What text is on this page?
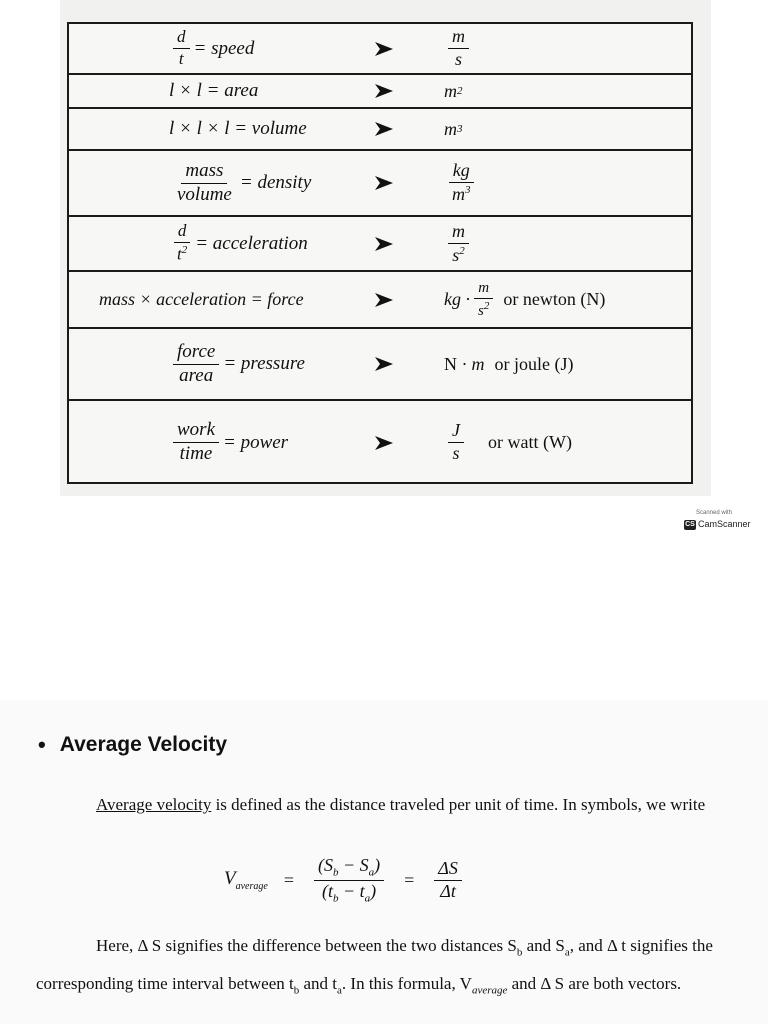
$\frac{d}{t}$ = speed	$\frac{m}{s}$
l × l = area	m 2
l × l × l = volume	m 3
$\frac{\text{mass}}{\text{volume}}$ = density	$\frac{kg}{m^3}$
$\frac{d}{t^2}$ = acceleration	$\frac{m}{s^2}$
mass × acceleration = force	kg · $\frac{m}{s^2}$ or newton (N)
$\frac{\text{force}}{\text{area}}$ = pressure	N · m or joule (J)
$\frac{\text{work}}{\text{time}}$ = power	$\frac{J}{s}$ or watt (W)
Scanned with
CS CamScanner
• Average Velocity
Average velocity is defined as the distance traveled per unit of time. In symbols, we write
$V_{average} = \frac{(S_b - S_a)}{(t_b - t_a)} = \frac{\Delta S}{\Delta t}$
Here, Δ S signifies the difference between the two distances $S_b$ and $S_a$, and Δ t signifies the corresponding time interval between $t_b$ and $t_a$. In this formula, $V_{average}$ and Δ S are both vectors.
